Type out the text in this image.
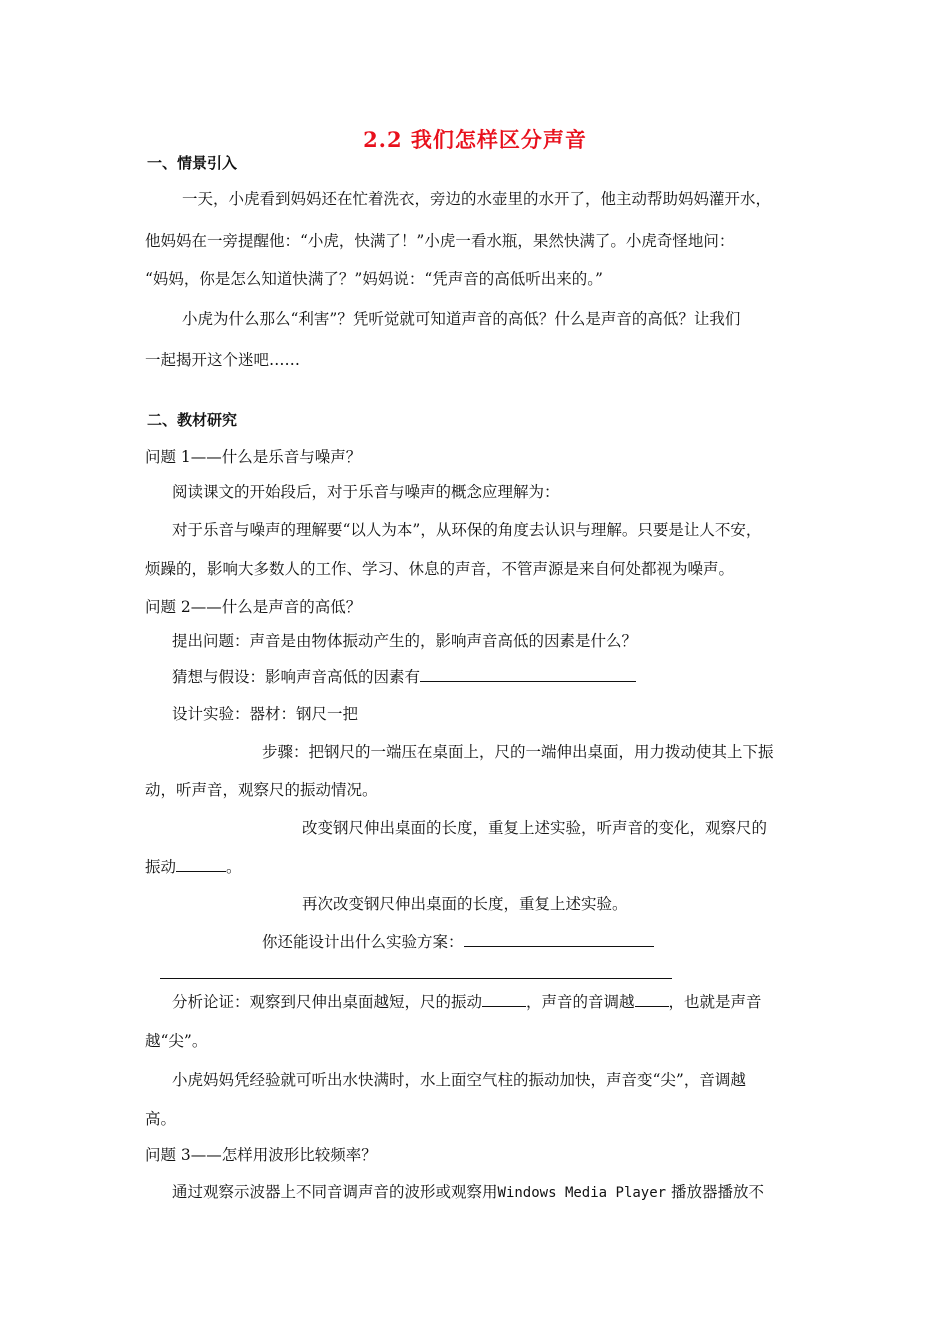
2.2 我们怎样区分声音
一、情景引入
一天，小虎看到妈妈还在忙着洗衣，旁边的水壶里的水开了，他主动帮助妈妈灌开水，
他妈妈在一旁提醒他：“小虎，快满了！”小虎一看水瓶，果然快满了。小虎奇怪地问：
“妈妈，你是怎么知道快满了？”妈妈说：“凭声音的高低听出来的。”
小虎为什么那么“利害”？凭听觉就可知道声音的高低？什么是声音的高低？让我们
一起揭开这个迷吧……
二、教材研究
问题 1——什么是乐音与噪声？
阅读课文的开始段后，对于乐音与噪声的概念应理解为：
对于乐音与噪声的理解要“以人为本”，从环保的角度去认识与理解。只要是让人不安，
烦躁的，影响大多数人的工作、学习、休息的声音，不管声源是来自何处都视为噪声。
问题 2——什么是声音的高低？
提出问题：声音是由物体振动产生的，影响声音高低的因素是什么？
猜想与假设：影响声音高低的因素有
设计实验：器材：钢尺一把
步骤：把钢尺的一端压在桌面上，尺的一端伸出桌面，用力拨动使其上下振
动，听声音，观察尺的振动情况。
改变钢尺伸出桌面的长度，重复上述实验，听声音的变化，观察尺的
振动	。
再次改变钢尺伸出桌面的长度，重复上述实验。
你还能设计出什么实验方案：
分析论证：观察到尺伸出桌面越短，尺的振动	，声音的音调越 ，也就是声音
越“尖”。
小虎妈妈凭经验就可听出水快满时，水上面空气柱的振动加快，声音变“尖”，音调越
高。
问题 3——怎样用波形比较频率？
通过观察示波器上不同音调声音的波形或观察用Windows Media Player 播放器播放不
